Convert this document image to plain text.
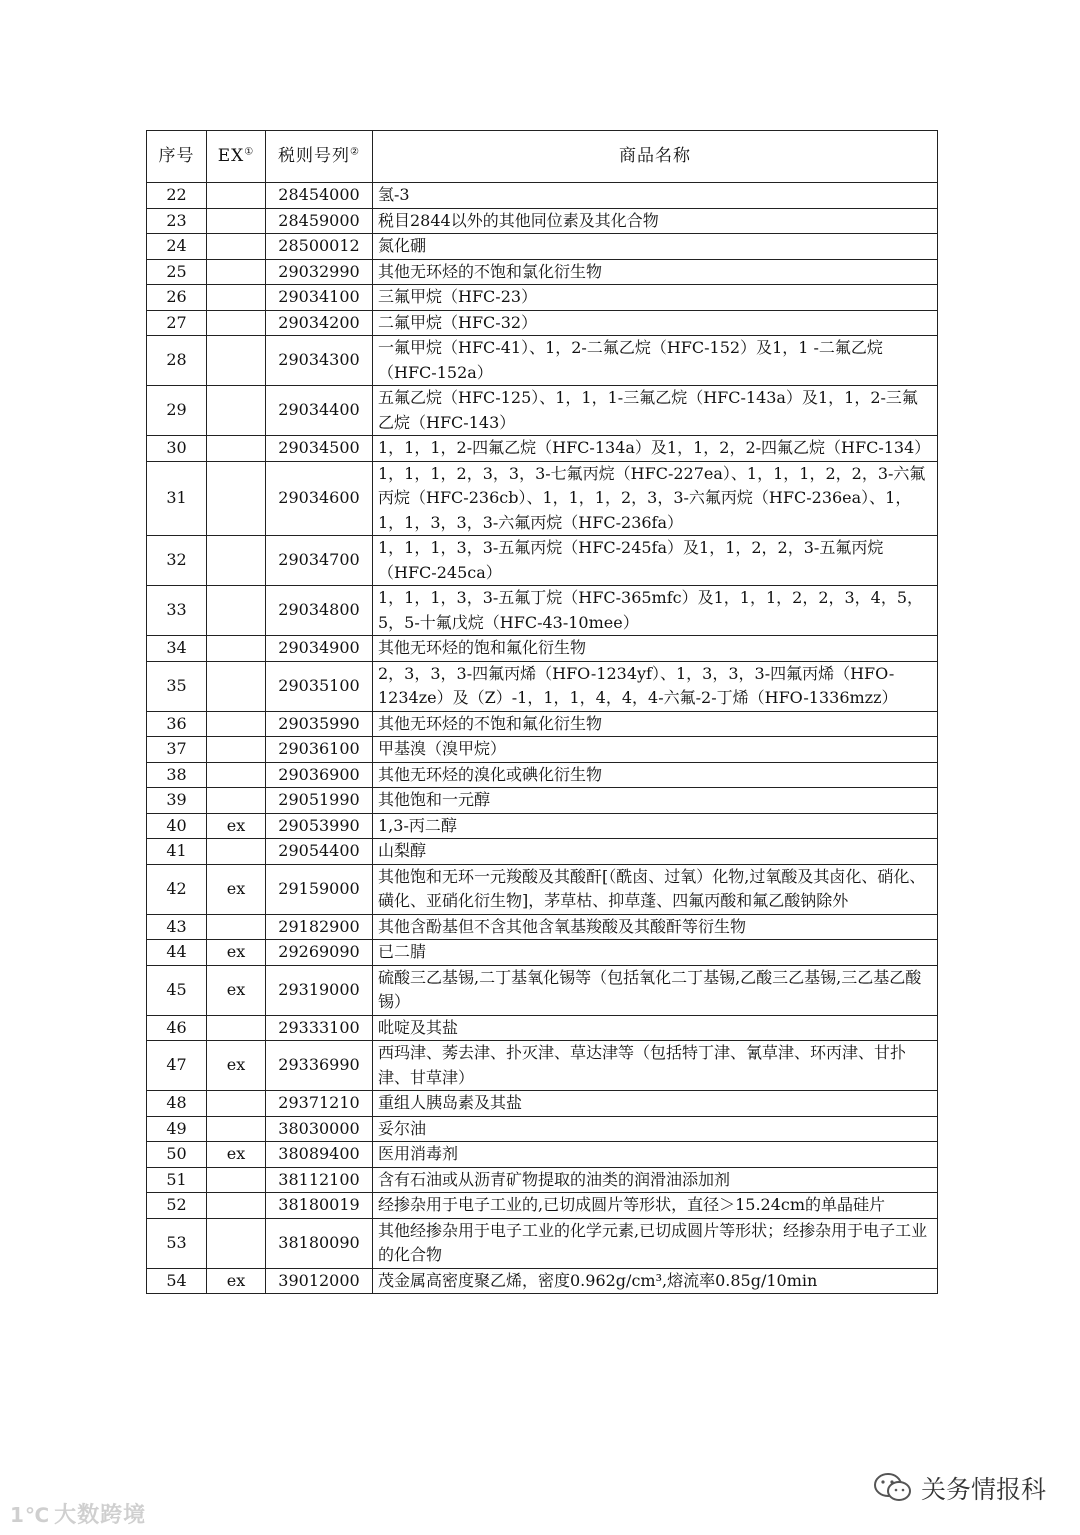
序号	EX①	税则号列②	商品名称
22		28454000	氢-3
23		28459000	税目2844以外的其他同位素及其化合物
24		28500012	氮化硼
25		29032990	其他无环烃的不饱和氯化衍生物
26		29034100	三氟甲烷（HFC-23）
27		29034200	二氟甲烷（HFC-32）
28		29034300	一氟甲烷（HFC-41）、1，2-二氟乙烷（HFC-152）及1，1 -二氟乙烷（HFC-152a）
29		29034400	五氟乙烷（HFC-125）、1，1，1-三氟乙烷（HFC-143a）及1，1，2-三氟乙烷（HFC-143）
30		29034500	1，1，1，2-四氟乙烷（HFC-134a）及1，1，2，2-四氟乙烷（HFC-134）
31		29034600	1，1，1，2，3，3，3-七氟丙烷（HFC-227ea）、1，1，1，2，2，3-六氟丙烷（HFC-236cb）、1，1，1，2，3，3-六氟丙烷（HFC-236ea）、1，1，1，3，3，3-六氟丙烷（HFC-236fa）
32		29034700	1，1，1，3，3-五氟丙烷（HFC-245fa）及1，1，2，2，3-五氟丙烷（HFC-245ca）
33		29034800	1，1，1，3，3-五氟丁烷（HFC-365mfc）及1，1，1，2，2，3，4，5，5，5-十氟戊烷（HFC-43-10mee）
34		29034900	其他无环烃的饱和氟化衍生物
35		29035100	2，3，3，3-四氟丙烯（HFO-1234yf）、1，3，3，3-四氟丙烯（HFO-1234ze）及（Z）-1，1，1，4，4，4-六氟-2-丁烯（HFO-1336mzz）
36		29035990	其他无环烃的不饱和氟化衍生物
37		29036100	甲基溴（溴甲烷）
38		29036900	其他无环烃的溴化或碘化衍生物
39		29051990	其他饱和一元醇
40	ex	29053990	1,3-丙二醇
41		29054400	山梨醇
42	ex	29159000	其他饱和无环一元羧酸及其酸酐[（酰卤、过氧）化物,过氧酸及其卤化、硝化、磺化、亚硝化衍生物]，茅草枯、抑草蓬、四氟丙酸和氟乙酸钠除外
43		29182900	其他含酚基但不含其他含氧基羧酸及其酸酐等衍生物
44	ex	29269090	已二腈
45	ex	29319000	硫酸三乙基锡,二丁基氧化锡等（包括氧化二丁基锡,乙酸三乙基锡,三乙基乙酸锡）
46		29333100	吡啶及其盐
47	ex	29336990	西玛津、莠去津、扑灭津、草达津等（包括特丁津、氰草津、环丙津、甘扑津、甘草津）
48		29371210	重组人胰岛素及其盐
49		38030000	妥尔油
50	ex	38089400	医用消毒剂
51		38112100	含有石油或从沥青矿物提取的油类的润滑油添加剂
52		38180019	经掺杂用于电子工业的,已切成圆片等形状，直径＞15.24cm的单晶硅片
53		38180090	其他经掺杂用于电子工业的化学元素,已切成圆片等形状；经掺杂用于电子工业的化合物
54	ex	39012000	茂金属高密度聚乙烯，密度0.962g/cm³,熔流率0.85g/10min
1℃ 大数跨境
关务情报科
